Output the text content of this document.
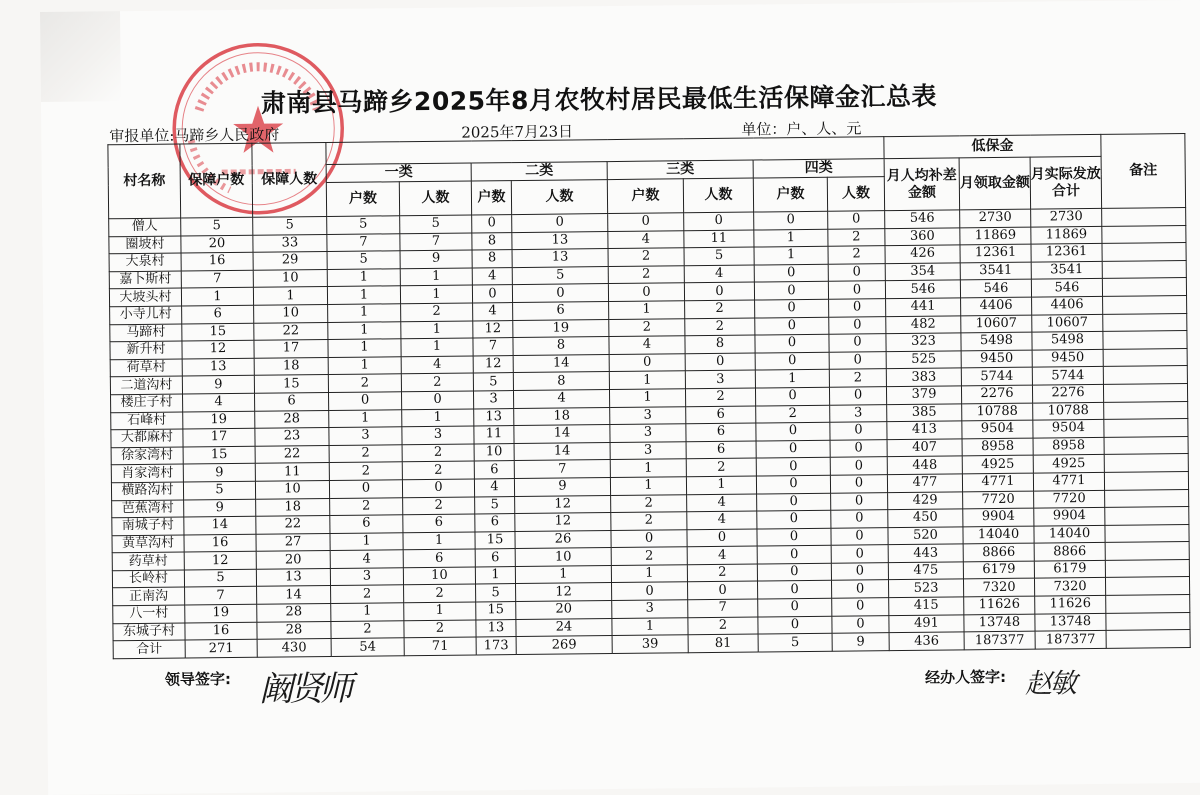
肃南县马蹄乡2025年8月农牧村居民最低生活保障金汇总表
审报单位:马蹄乡人民政府	2025年7月23日	单位：户、人、元
村名称	保障户数	保障人数									低保金			备注
			一类		二类		三类		四类		月人均补差金额	月领取金额	月实际发放合计	
			户数	人数	户数	人数	户数	人数	户数	人数				
僧人	5	5	5	5	0	0	0	0	0	0	546	2730	2730	
圈坡村	20	33	7	7	8	13	4	11	1	2	360	11869	11869	
大泉村	16	29	5	9	8	13	2	5	1	2	426	12361	12361	
嘉卜斯村	7	10	1	1	4	5	2	4	0	0	354	3541	3541	
大坡头村	1	1	1	1	0	0	0	0	0	0	546	546	546	
小寺儿村	6	10	1	2	4	6	1	2	0	0	441	4406	4406	
马蹄村	15	22	1	1	12	19	2	2	0	0	482	10607	10607	
新升村	12	17	1	1	7	8	4	8	0	0	323	5498	5498	
荷草村	13	18	1	4	12	14	0	0	0	0	525	9450	9450	
二道沟村	9	15	2	2	5	8	1	3	1	2	383	5744	5744	
楼庄子村	4	6	0	0	3	4	1	2	0	0	379	2276	2276	
石峰村	19	28	1	1	13	18	3	6	2	3	385	10788	10788	
大都麻村	17	23	3	3	11	14	3	6	0	0	413	9504	9504	
徐家湾村	15	22	2	2	10	14	3	6	0	0	407	8958	8958	
肖家湾村	9	11	2	2	6	7	1	2	0	0	448	4925	4925	
横路沟村	5	10	0	0	4	9	1	1	0	0	477	4771	4771	
芭蕉湾村	9	18	2	2	5	12	2	4	0	0	429	7720	7720	
南城子村	14	22	6	6	6	12	2	4	0	0	450	9904	9904	
黄草沟村	16	27	1	1	15	26	0	0	0	0	520	14040	14040	
药草村	12	20	4	6	6	10	2	4	0	0	443	8866	8866	
长岭村	5	13	3	10	1	1	1	2	0	0	475	6179	6179	
正南沟	7	14	2	2	5	12	0	0	0	0	523	7320	7320	
八一村	19	28	1	1	15	20	3	7	0	0	415	11626	11626	
东城子村	16	28	2	2	13	24	1	2	0	0	491	13748	13748	
合计	271	430	54	71	173	269	39	81	5	9	436	187377	187377	
领导签字: 阚贤师	经办人签字: 赵敏
